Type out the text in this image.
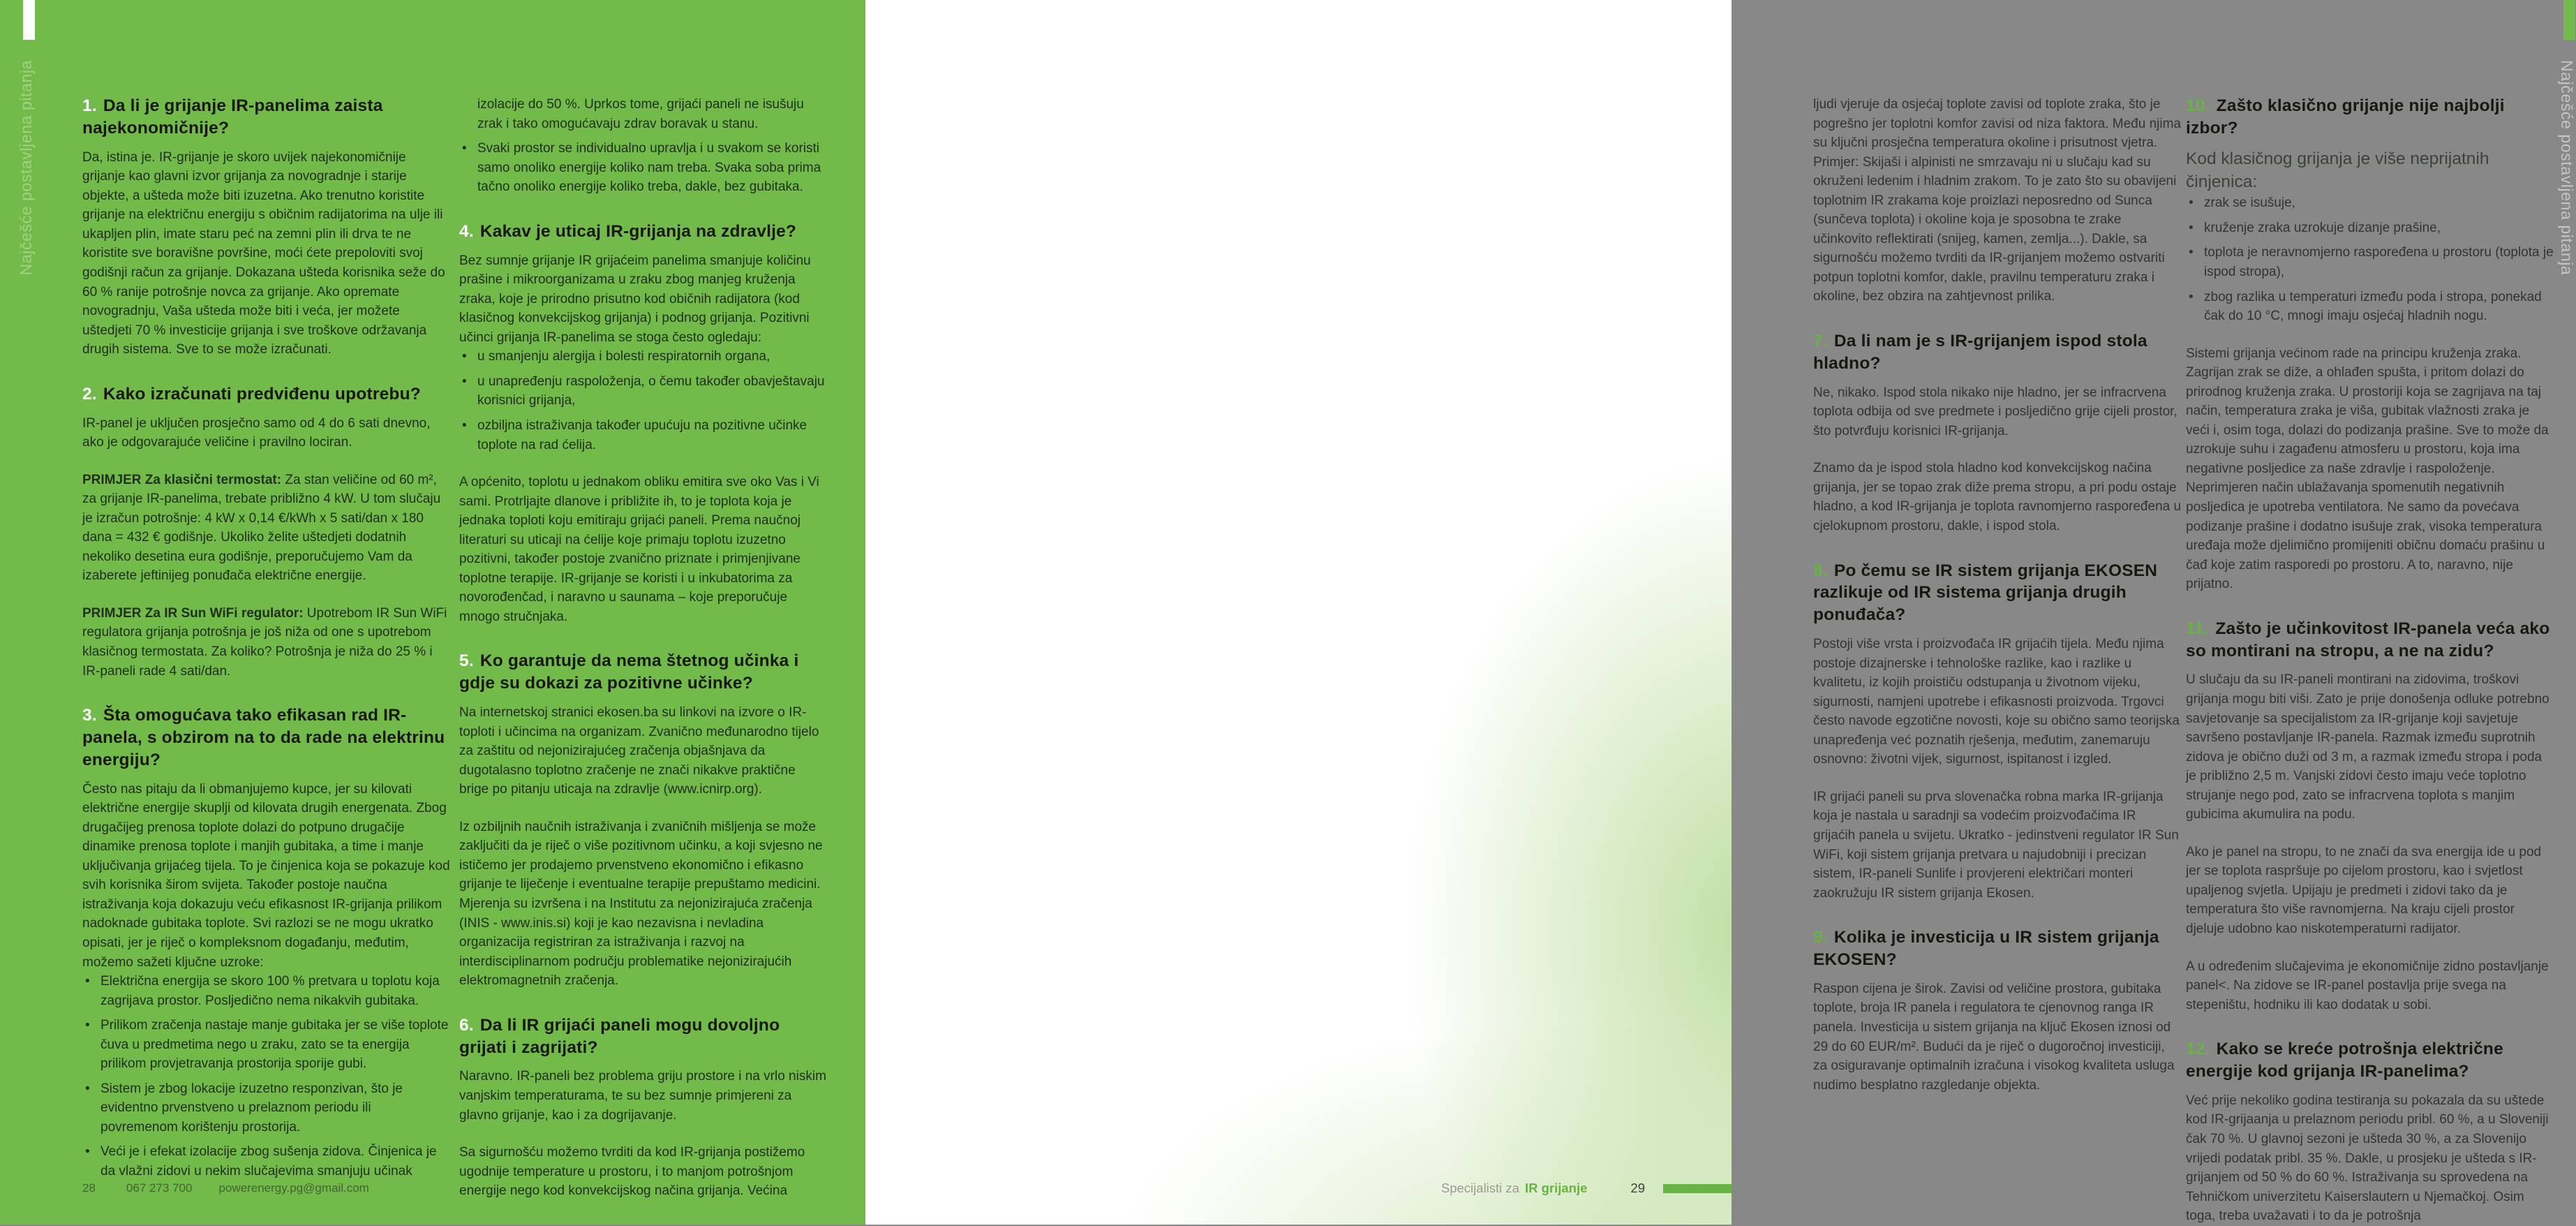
Najčešće postavljena pitanja	1. Da li je grijanje IR-panelima zaista najekonomičnije?

Da, istina je. IR-grijanje je skoro uvijek najekonomičnije grijanje kao glavni izvor grijanja za novogradnje i starije objekte, a ušteda može biti izuzetna. Ako trenutno koristite grijanje na električnu energiju s običnim radijatorima na ulje ili ukapljen plin, imate staru peć na zemni plin ili drva te ne koristite sve boravišne površine, moći ćete prepoloviti svoj godišnji račun za grijanje. Dokazana ušteda korisnika seže do 60 % ranije potrošnje novca za grijanje. Ako opremate novogradnju, Vaša ušteda može biti i veća, jer možete uštedjeti 70 % investicije grijanja i sve troškove održavanja drugih sistema. Sve to se može izračunati.

2. Kako izračunati predviđenu upotrebu?

IR-panel je uključen prosječno samo od 4 do 6 sati dnevno, ako je odgovarajuće veličine i pravilno lociran.

PRIMJER Za klasični termostat: Za stan veličine od 60 m², za grijanje IR-panelima, trebate približno 4 kW. U tom slučaju je izračun potrošnje: 4 kW x 0,14 €/kWh x 5 sati/dan x 180 dana = 432 € godišnje. Ukoliko želite uštedjeti dodatnih nekoliko desetina eura godišnje, preporučujemo Vam da izaberete jeftinijeg ponuđača električne energije.

PRIMJER Za IR Sun WiFi regulator: Upotrebom IR Sun WiFi regulatora grijanja potrošnja je još niža od one s upotrebom klasičnog termostata. Za koliko? Potrošnja je niža do 25 % i IR-paneli rade 4 sati/dan.

3. Šta omogućava tako efikasan rad IR-panela, s obzirom na to da rade na elektrinu energiju?

Često nas pitaju da li obmanjujemo kupce, jer su kilovati električne energije skuplji od kilovata drugih energenata. Zbog drugačijeg prenosa toplote dolazi do potpuno drugačije dinamike prenosa toplote i manjih gubitaka, a time i manje uključivanja grijaćeg tijela. To je činjenica koja se pokazuje kod svih korisnika širom svijeta. Također postoje naučna istraživanja koja dokazuju veću efikasnost IR-grijanja prilikom nadoknade gubitaka toplote. Svi razlozi se ne mogu ukratko opisati, jer je riječ o kompleksnom događanju, međutim, možemo sažeti ključne uzroke:

• Električna energija se skoro 100 % pretvara u toplotu koja zagrijava prostor. Posljedično nema nikakvih gubitaka.
• Prilikom zračenja nastaje manje gubitaka jer se više toplote čuva u predmetima nego u zraku, zato se ta energija prilikom provjetravanja prostorija sporije gubi.
• Sistem je zbog lokacije izuzetno responzivan, što je evidentno prvenstveno u prelaznom periodu ili povremenom korištenju prostorija.
• Veći je i efekat izolacije zbog sušenja zidova. Činjenica je da vlažni zidovi u nekim slučajevima smanjuju učinak
izolacije do 50 %. Uprkos tome, grijaći paneli ne isušuju zrak i tako omogućavaju zdrav boravak u stanu.
• Svaki prostor se individualno upravlja i u svakom se koristi samo onoliko energije koliko nam treba. Svaka soba prima tačno onoliko energije koliko treba, dakle, bez gubitaka.
4. Kakav je uticaj IR-grijanja na zdravlje?

Bez sumnje grijanje IR grijaćeim panelima smanjuje količinu prašine i mikroorganizama u zraku zbog manjeg kruženja zraka, koje je prirodno prisutno kod običnih radijatora (kod klasičnog konvekcijskog grijanja) i podnog grijanja. Pozitivni učinci grijanja IR-panelima se stoga često ogledaju:

• u smanjenju alergija i bolesti respiratornih organa,
• u unapređenju raspoloženja, o čemu također obavještavaju korisnici grijanja,
• ozbiljna istraživanja također upućuju na pozitivne učinke toplote na rad ćelija.

A općenito, toplotu u jednakom obliku emitira sve oko Vas i Vi sami. Protrljajte dlanove i približite ih, to je toplota koja je jednaka toploti koju emitiraju grijaći paneli. Prema naučnoj literaturi su uticaji na ćelije koje primaju toplotu izuzetno pozitivni, također postoje zvanično priznate i primjenjivane toplotne terapije. IR-grijanje se koristi i u inkubatorima za novorođenčad, i naravno u saunama – koje preporučuje mnogo stručnjaka.

5. Ko garantuje da nema štetnog učinka i gdje su dokazi za pozitivne učinke?

Na internetskoj stranici ekosen.ba su linkovi na izvore o IR-toploti i učincima na organizam. Zvanično međunarodno tijelo za zaštitu od nejonizirajućeg zračenja objašnjava da dugotalasno toplotno zračenje ne znači nikakve praktične brige po pitanju uticaja na zdravlje (www.icnirp.org).

Iz ozbiljnih naučnih istraživanja i zvaničnih mišljenja se može zaključiti da je riječ o više pozitivnom učinku, a koji svjesno ne ističemo jer prodajemo prvenstveno ekonomično i efikasno grijanje te liječenje i eventualne terapije prepuštamo medicini. Mjerenja su izvršena i na Institutu za nejonizirajuća zračenja (INIS - www.inis.si) koji je kao nezavisna i nevladina organizacija registriran za istraživanja i razvoj na interdisciplinarnom području problematike nejonizirajućih elektromagnetnih zračenja.

6. Da li IR grijaći paneli mogu dovoljno grijati i zagrijati?

Naravno. IR-paneli bez problema griju prostore i na vrlo niskim vanjskim temperaturama, te su bez sumnje primjereni za glavno grijanje, kao i za dogrijavanje.

Sa sigurnošću možemo tvrditi da kod IR-grijanja postižemo ugodnije temperature u prostoru, i to manjom potrošnjom energije nego kod konvekcijskog načina grijanja. Većina

28	067 273 700 powerenergy.pg@gmail.com
Najčešće postavljena pitanja

ljudi vjeruje da osjećaj toplote zavisi od toplote zraka, što je pogrešno jer toplotni komfor zavisi od niza faktora. Među njima su ključni prosječna temperatura okoline i prisutnost vjetra. Primjer: Skijaši i alpinisti ne smrzavaju ni u slučaju kad su okruženi ledenim i hladnim zrakom. To je zato što su obavijeni toplotnim IR zrakama koje proizlazi neposredno od Sunca (sunčeva toplota) i okoline koja je sposobna te zrake učinkovito reflektirati (snijeg, kamen, zemlja...). Dakle, sa sigurnošću možemo tvrditi da IR-grijanjem možemo ostvariti potpun toplotni komfor, dakle, pravilnu temperaturu zraka i okoline, bez obzira na zahtjevnost prilika.

7. Da li nam je s IR-grijanjem ispod stola hladno?

Ne, nikako. Ispod stola nikako nije hladno, jer se infracrvena toplota odbija od sve predmete i posljedično grije cijeli prostor, što potvrđuju korisnici IR-grijanja.

Znamo da je ispod stola hladno kod konvekcijskog načina grijanja, jer se topao zrak diže prema stropu, a pri podu ostaje hladno, a kod IR-grijanja je toplota ravnomjerno raspoređena u cjelokupnom prostoru, dakle, i ispod stola.

8. Po čemu se IR sistem grijanja EKOSEN razlikuje od IR sistema grijanja drugih ponuđača?

Postoji više vrsta i proizvođača IR grijaćih tijela. Među njima postoje dizajnerske i tehnološke razlike, kao i razlike u kvalitetu, iz kojih proističu odstupanja u životnom vijeku, sigurnosti, namjeni upotrebe i efikasnosti proizvoda. Trgovci često navode egzotične novosti, koje su obično samo teorijska unapređenja već poznatih rješenja, međutim, zanemaruju osnovno: životni vijek, sigurnost, ispitanost i izgled.

IR grijaći paneli su prva slovenačka robna marka IR-grijanja koja je nastala u saradnji sa vodećim proizvođačima IR grijaćih panela u svijetu. Ukratko - jedinstveni regulator IR Sun WiFi, koji sistem grijanja pretvara u najudobniji i precizan sistem, IR-paneli Sunlife i provjereni električari monteri zaokružuju IR sistem grijanja Ekosen.

9. Kolika je investicija u IR sistem grijanja EKOSEN?

Raspon cijena je širok. Zavisi od veličine prostora, gubitaka toplote, broja IR panela i regulatora te cjenovnog ranga IR panela. Investicija u sistem grijanja na ključ Ekosen iznosi od 29 do 60 EUR/m². Budući da je riječ o dugoročnoj investiciji, za osiguravanje optimalnih izračuna i visokog kvaliteta usluga nudimo besplatno razgledanje objekta.

10. Zašto klasično grijanje nije najbolji izbor?
Kod klasičnog grijanja je više neprijatnih činjenica:
• zrak se isušuje,
• kruženje zraka uzrokuje dizanje prašine,
• toplota je neravnomjerno raspoređena u prostoru (toplota je ispod stropa),
• zbog razlika u temperaturi između poda i stropa, ponekad čak do 10 °C, mnogi imaju osjećaj hladnih nogu.

Sistemi grijanja većinom rade na principu kruženja zraka. Zagrijan zrak se diže, a ohlađen spušta, i pritom dolazi do prirodnog kruženja zraka. U prostoriji koja se zagrijava na taj način, temperatura zraka je viša, gubitak vlažnosti zraka je veći i, osim toga, dolazi do podizanja prašine. Sve to može da uzrokuje suhu i zagađenu atmosferu u prostoru, koja ima negativne posljedice za naše zdravlje i raspoloženje. Neprimjeren način ublažavanja spomenutih negativnih posljedica je upotreba ventilatora. Ne samo da povećava podizanje prašine i dodatno isušuje zrak, visoka temperatura uređaja može djelimično promijeniti običnu domaću prašinu u čađ koje zatim rasporedi po prostoru. A to, naravno, nije prijatno.

11. Zašto je učinkovitost IR-panela veća ako so montirani na stropu, a ne na zidu?

U slučaju da su IR-paneli montirani na zidovima, troškovi grijanja mogu biti viši. Zato je prije donošenja odluke potrebno savjetovanje sa specijalistom za IR-grijanje koji savjetuje savršeno postavljanje IR-panela. Razmak između suprotnih zidova je obično duži od 3 m, a razmak između stropa i poda je približno 2,5 m. Vanjski zidovi često imaju veće toplotno strujanje nego pod, zato se infracrvena toplota s manjim gubicima akumulira na podu.

Ako je panel na stropu, to ne znači da sva energija ide u pod jer se toplota raspršuje po cijelom prostoru, kao i svjetlost upaljenog svjetla. Upijaju je predmeti i zidovi tako da je temperatura što više ravnomjerna. Na kraju cijeli prostor djeluje udobno kao niskotemperaturni radijator.

A u određenim slučajevima je ekonomičnije zidno postavljanje panel<. Na zidove se IR-panel postavlja prije svega na stepeništu, hodniku ili kao dodatak u sobi.

12. Kako se kreće potrošnja električne energije kod grijanja IR-panelima?

Već prije nekoliko godina testiranja su pokazala da su uštede kod IR-grijaanja u prelaznom periodu pribl. 60 %, a u Sloveniji čak 70 %. U glavnoj sezoni je ušteda 30 %, a za Slovenijo vrijedi podatak pribl. 35 %. Dakle, u prosjeku je ušteda s IR-grijanjem od 50 % do 60 %. Istraživanja su sprovedena na Tehničkom univerzitetu Kaiserslautern u Njemačkoj. Osim toga, treba uvažavati i to da je potrošnja

Specijalisti za IR grijanje	29
